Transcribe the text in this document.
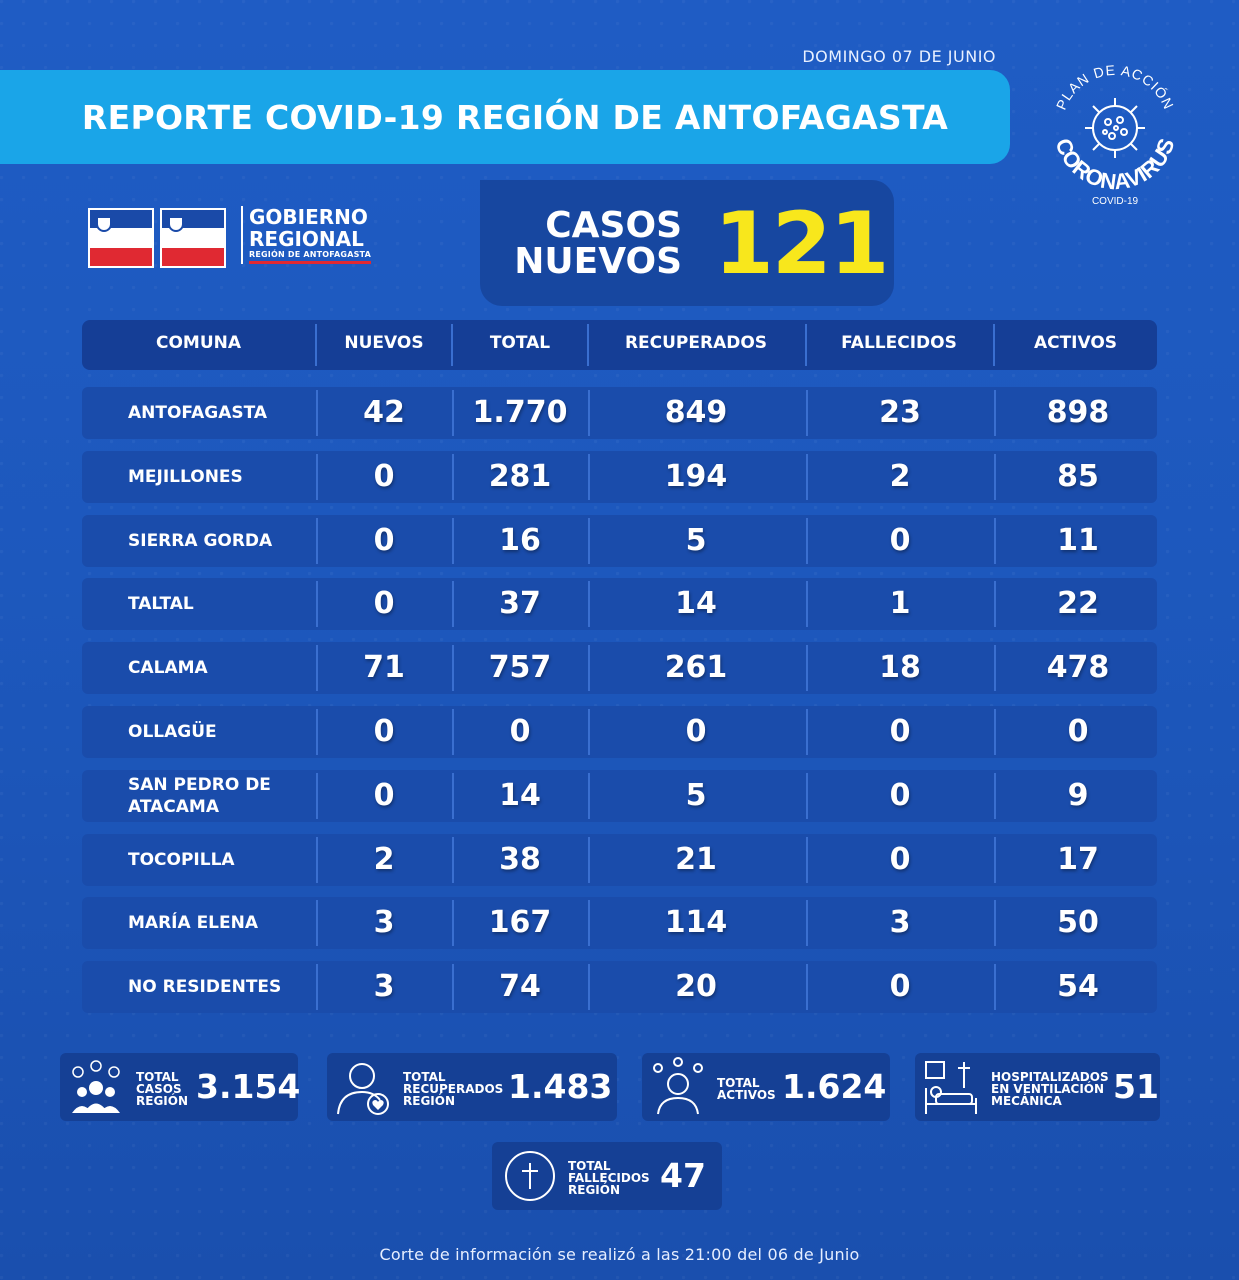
DOMINGO 07 DE JUNIO
REPORTE COVID-19 REGIÓN DE ANTOFAGASTA	PLAN DE ACCIÓN
CORONAVIRUS
COVID-19
GOBIERNO
REGIONAL
REGIÓN DE ANTOFAGASTA
CASOS
NUEVOS 121
COMUNA	NUEVOS	TOTAL	RECUPERADOS	FALLECIDOS	ACTIVOS
ANTOFAGASTA	42	1.770	849	23	898
MEJILLONES	0	281	194	2	85
SIERRA GORDA	0	16	5	0	11
TALTAL	0	37	14	1	22
CALAMA	71	757	261	18	478
OLLAGÜE	0	0	0	0	0
SAN PEDRO DE
ATACAMA	0	14	5	0	9
TOCOPILLA	2	38	21	0	17
MARÍA ELENA	3	167	114	3	50
NO RESIDENTES	3	74	20	0	54
TOTAL
CASOS
REGIÓN 3.154	TOTAL
RECUPERADOS
REGIÓN	1.483	TOTAL
ACTIVOS 1.624	HOSPITALIZADOS
EN VENTILACIÓN
MECÁNICA	51
TOTAL
FALLECIDOS
REGIÓN	47
Corte de información se realizó a las 21:00 del 06 de Junio
